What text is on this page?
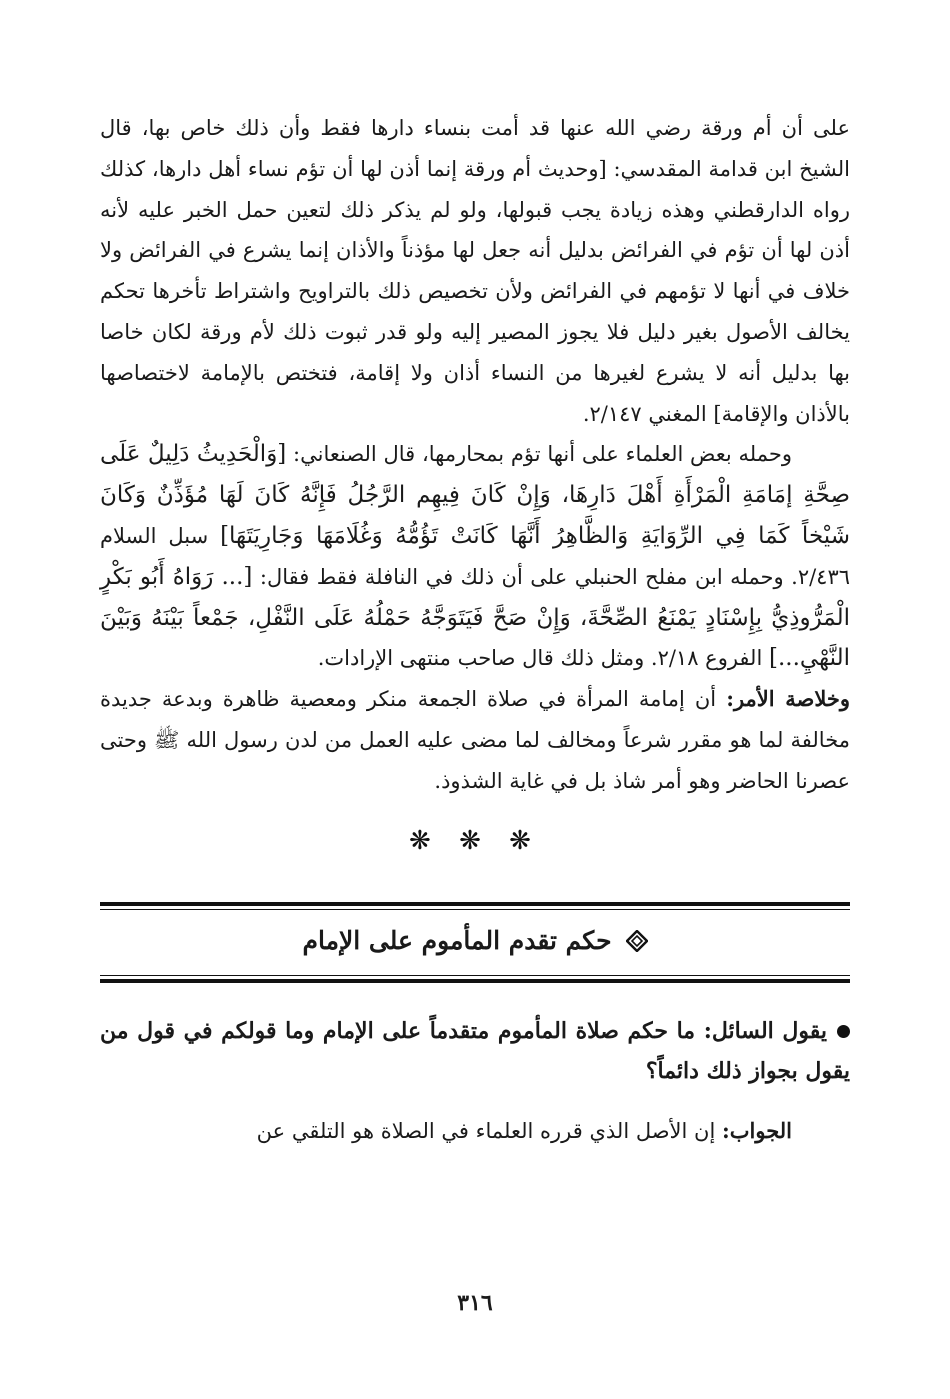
على أن أم ورقة رضي الله عنها قد أمت بنساء دارها فقط وأن ذلك خاص بها، قال الشيخ ابن قدامة المقدسي: [وحديث أم ورقة إنما أذن لها أن تؤم نساء أهل دارها، كذلك رواه الدارقطني وهذه زيادة يجب قبولها، ولو لم يذكر ذلك لتعين حمل الخبر عليه لأنه أذن لها أن تؤم في الفرائض بدليل أنه جعل لها مؤذناً والأذان إنما يشرع في الفرائض ولا خلاف في أنها لا تؤمهم في الفرائض ولأن تخصيص ذلك بالتراويح واشتراط تأخرها تحكم يخالف الأصول بغير دليل فلا يجوز المصير إليه ولو قدر ثبوت ذلك لأم ورقة لكان خاصا بها بدليل أنه لا يشرع لغيرها من النساء أذان ولا إقامة، فتختص بالإمامة لاختصاصها بالأذان والإقامة] المغني ٢/١٤٧.

وحمله بعض العلماء على أنها تؤم بمحارمها، قال الصنعاني: [وَالْحَدِيثُ دَلِيلٌ عَلَى صِحَّةِ إمَامَةِ الْمَرْأَةِ أَهْلَ دَارِهَا، وَإِنْ كَانَ فِيهِم الرَّجُلُ فَإِنَّهُ كَانَ لَهَا مُؤَذِّنٌ وَكَانَ شَيْخاً كَمَا فِي الرِّوَايَةِ وَالظَّاهِرُ أَنَّهَا كَانَتْ تَؤُمُّهُ وَغُلَامَهَا وَجَارِيَتَهَا] سبل السلام ٢/٤٣٦. وحمله ابن مفلح الحنبلي على أن ذلك في النافلة فقط فقال: [... رَوَاهُ أَبُو بَكْرٍ الْمَرُّوذِيُّ بِإِسْنَادٍ يَمْنَعُ الصِّحَّةَ، وَإِنْ صَحَّ فَيَتَوَجَّهُ حَمْلُهُ عَلَى النَّفْلِ، جَمْعاً بَيْنَهُ وَبَيْنَ النَّهْيِ...] الفروع ٢/١٨. ومثل ذلك قال صاحب منتهى الإرادات.

وخلاصة الأمر: أن إمامة المرأة في صلاة الجمعة منكر ومعصية ظاهرة وبدعة جديدة مخالفة لما هو مقرر شرعاً ومخالف لما مضى عليه العمل من لدن رسول الله ﷺ وحتى عصرنا الحاضر وهو أمر شاذ بل في غاية الشذوذ.

❋ ❋ ❋
حكم تقدم المأموم على الإمام

يقول السائل: ما حكم صلاة المأموم متقدماً على الإمام وما قولكم في قول من يقول بجواز ذلك دائماً؟

الجواب: إن الأصل الذي قرره العلماء في الصلاة هو التلقي عن

٣١٦
